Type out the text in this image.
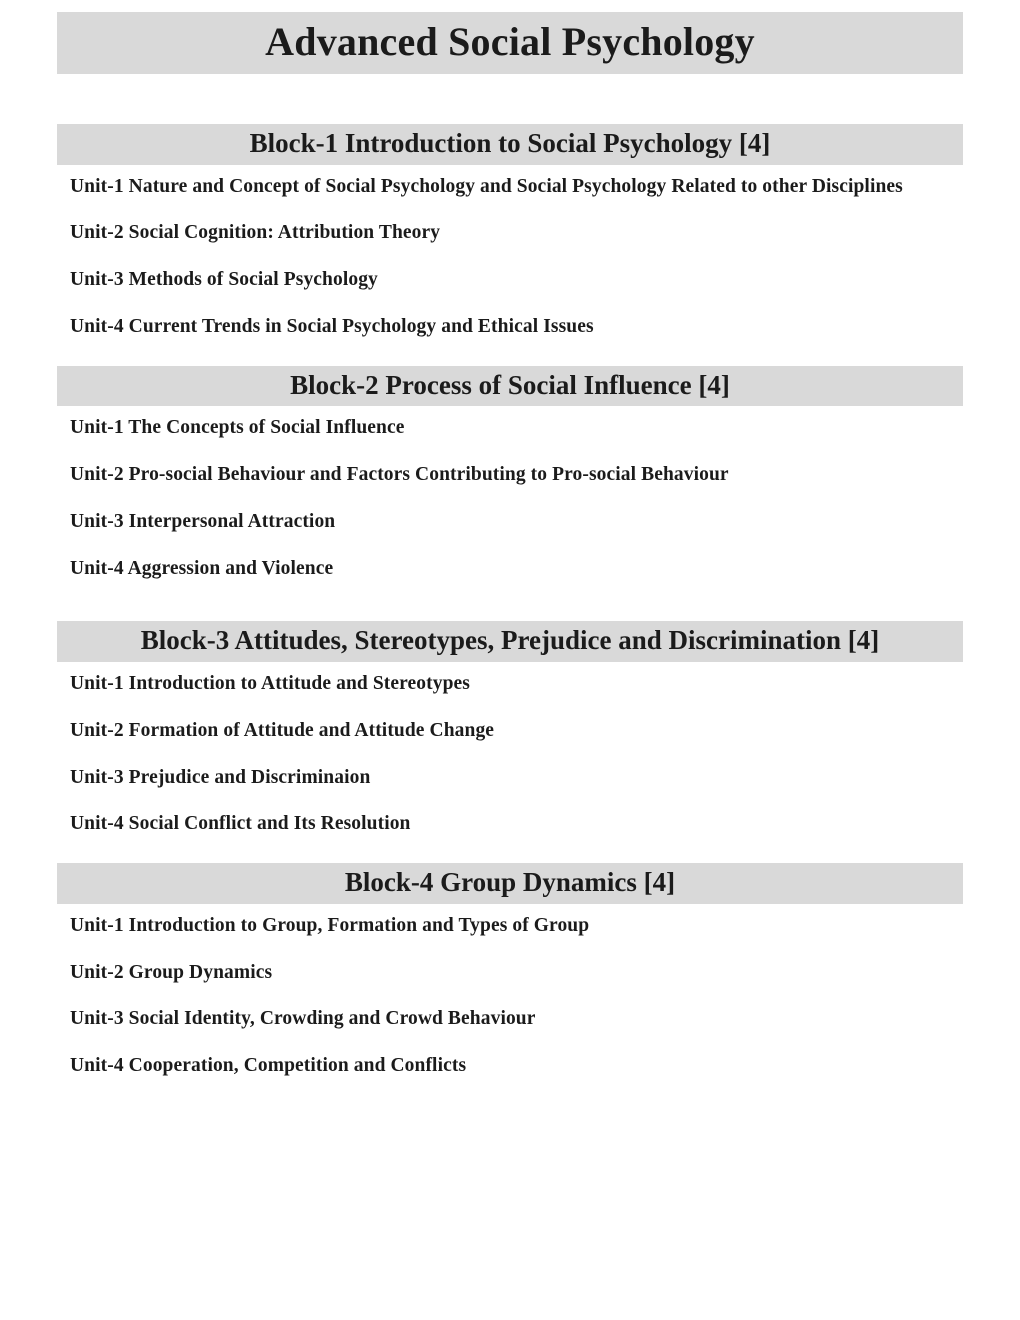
Advanced Social Psychology
Block-1 Introduction to Social Psychology [4]
Unit-1 Nature and Concept of Social Psychology and Social Psychology Related to other Disciplines
Unit-2 Social Cognition: Attribution Theory
Unit-3 Methods of Social Psychology
Unit-4 Current Trends in Social Psychology and Ethical Issues
Block-2 Process of Social Influence [4]
Unit-1 The Concepts of Social Influence
Unit-2 Pro-social Behaviour and Factors Contributing to Pro-social Behaviour
Unit-3 Interpersonal Attraction
Unit-4 Aggression and Violence
Block-3 Attitudes, Stereotypes, Prejudice and Discrimination [4]
Unit-1 Introduction to Attitude and Stereotypes
Unit-2 Formation of Attitude and Attitude Change
Unit-3 Prejudice and Discriminaion
Unit-4 Social Conflict and Its Resolution
Block-4 Group Dynamics [4]
Unit-1 Introduction to Group, Formation and Types of Group
Unit-2 Group Dynamics
Unit-3 Social Identity, Crowding and Crowd Behaviour
Unit-4 Cooperation, Competition and Conflicts
